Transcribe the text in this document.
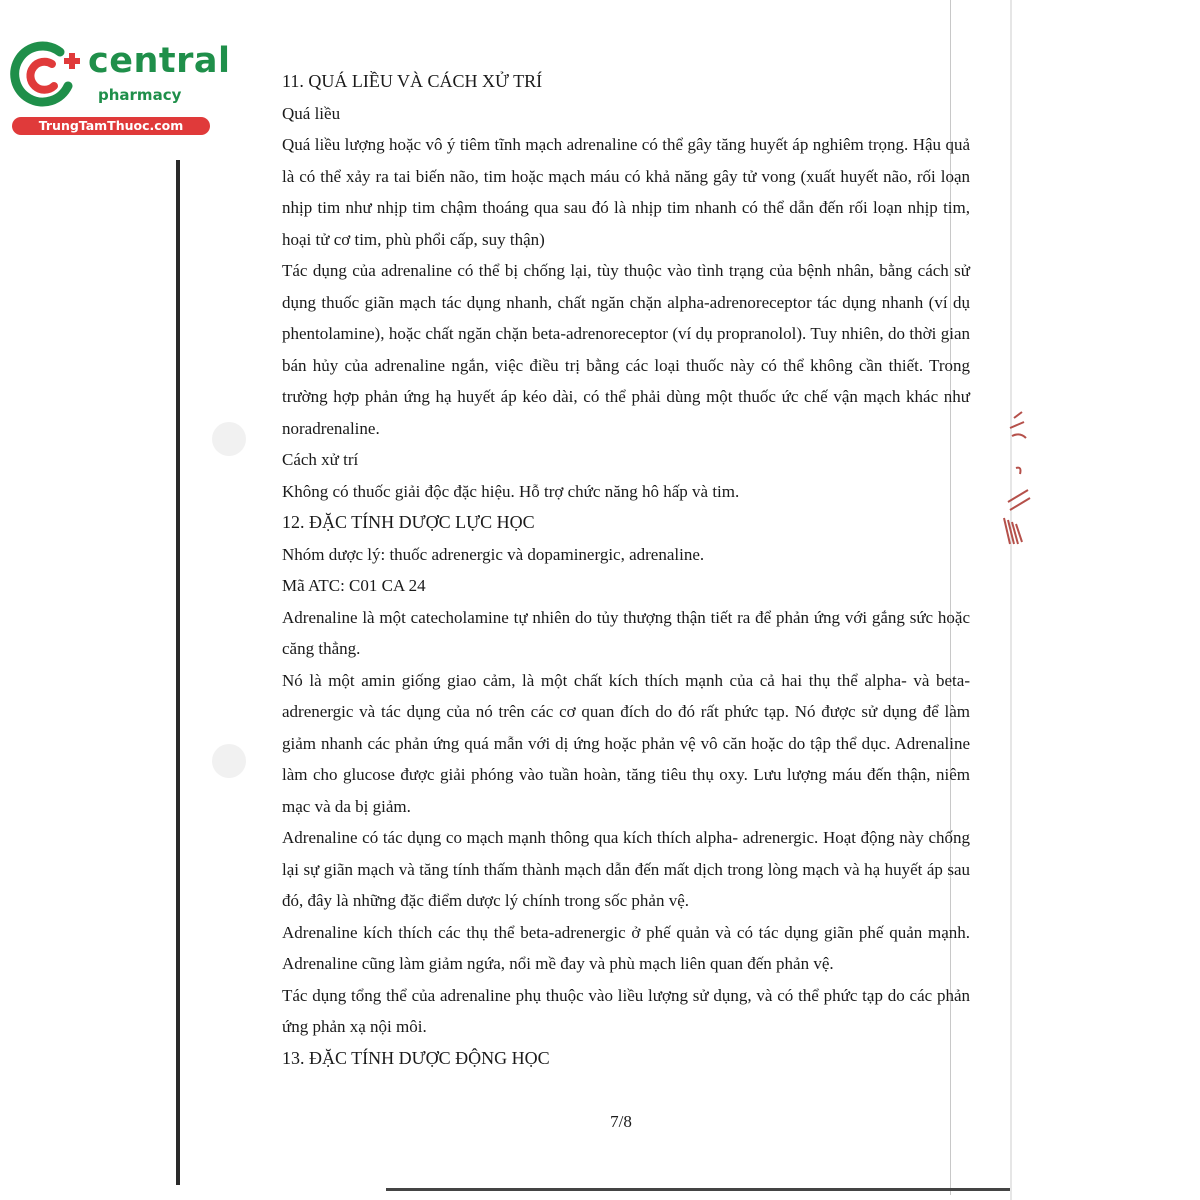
central
pharmacy
TrungTamThuoc.com

11. QUÁ LIỀU VÀ CÁCH XỬ TRÍ

Quá liều

Quá liều lượng hoặc vô ý tiêm tĩnh mạch adrenaline có thể gây tăng huyết áp nghiêm trọng. Hậu quả là có thể xảy ra tai biến não, tim hoặc mạch máu có khả năng gây tử vong (xuất huyết não, rối loạn nhịp tim như nhịp tim chậm thoáng qua sau đó là nhịp tim nhanh có thể dẫn đến rối loạn nhịp tim, hoại tử cơ tim, phù phổi cấp, suy thận)

Tác dụng của adrenaline có thể bị chống lại, tùy thuộc vào tình trạng của bệnh nhân, bằng cách sử dụng thuốc giãn mạch tác dụng nhanh, chất ngăn chặn alpha-adrenoreceptor tác dụng nhanh (ví dụ phentolamine), hoặc chất ngăn chặn beta-adrenoreceptor (ví dụ propranolol). Tuy nhiên, do thời gian bán hủy của adrenaline ngắn, việc điều trị bằng các loại thuốc này có thể không cần thiết. Trong trường hợp phản ứng hạ huyết áp kéo dài, có thể phải dùng một thuốc ức chế vận mạch khác như noradrenaline.

Cách xử trí

Không có thuốc giải độc đặc hiệu. Hỗ trợ chức năng hô hấp và tim.

12. ĐẶC TÍNH DƯỢC LỰC HỌC

Nhóm dược lý: thuốc adrenergic và dopaminergic, adrenaline.

Mã ATC: C01 CA 24

Adrenaline là một catecholamine tự nhiên do tủy thượng thận tiết ra để phản ứng với gắng sức hoặc căng thẳng.

Nó là một amin giống giao cảm, là một chất kích thích mạnh của cả hai thụ thể alpha- và beta-adrenergic và tác dụng của nó trên các cơ quan đích do đó rất phức tạp. Nó được sử dụng để làm giảm nhanh các phản ứng quá mẫn với dị ứng hoặc phản vệ vô căn hoặc do tập thể dục. Adrenaline làm cho glucose được giải phóng vào tuần hoàn, tăng tiêu thụ oxy. Lưu lượng máu đến thận, niêm mạc và da bị giảm.

Adrenaline có tác dụng co mạch mạnh thông qua kích thích alpha- adrenergic. Hoạt động này chống lại sự giãn mạch và tăng tính thấm thành mạch dẫn đến mất dịch trong lòng mạch và hạ huyết áp sau đó, đây là những đặc điểm dược lý chính trong sốc phản vệ.

Adrenaline kích thích các thụ thể beta-adrenergic ở phế quản và có tác dụng giãn phế quản mạnh. Adrenaline cũng làm giảm ngứa, nổi mề đay và phù mạch liên quan đến phản vệ.

Tác dụng tổng thể của adrenaline phụ thuộc vào liều lượng sử dụng, và có thể phức tạp do các phản ứng phản xạ nội môi.

13. ĐẶC TÍNH DƯỢC ĐỘNG HỌC

7/8
